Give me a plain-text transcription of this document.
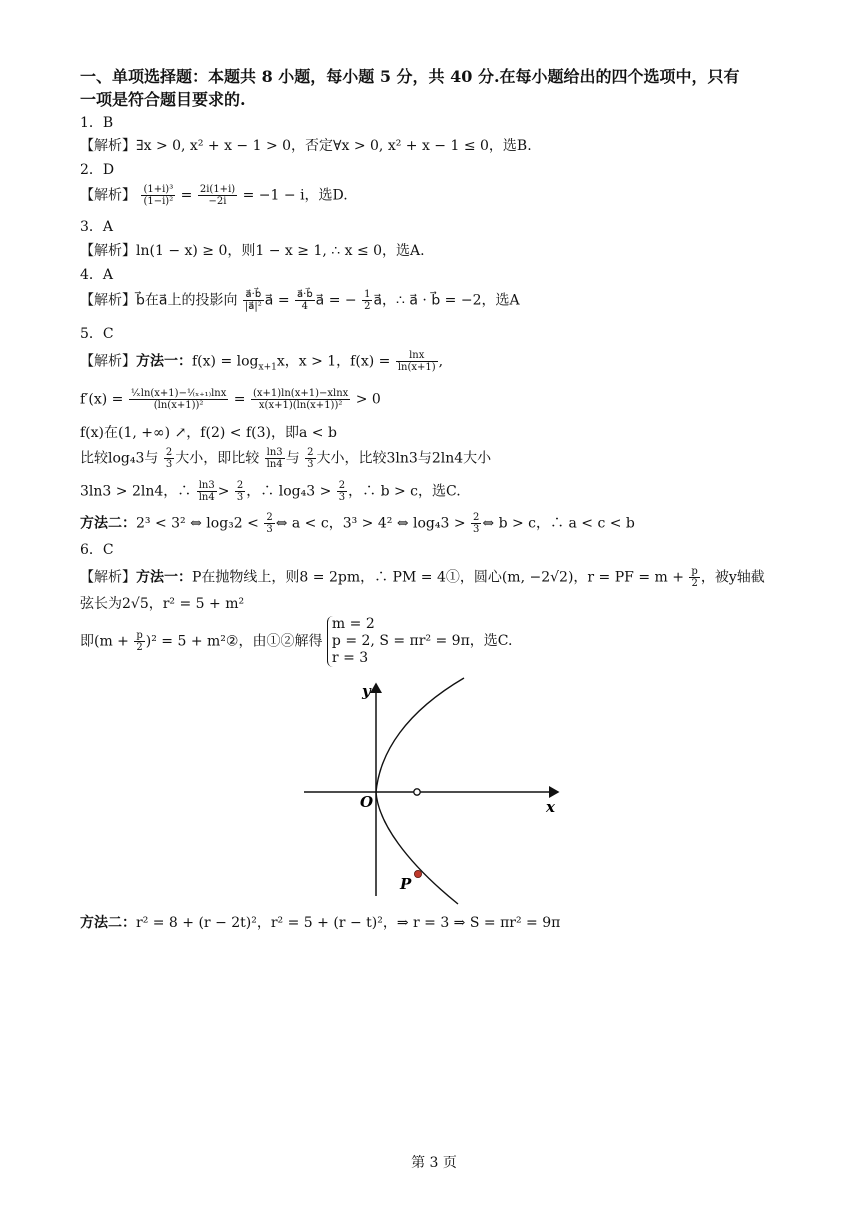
一、单项选择题：本题共 8 小题，每小题 5 分，共 40 分.在每小题给出的四个选项中，只有
一项是符合题目要求的.
1．B
【解析】∃x > 0, x² + x − 1 > 0，否定∀x > 0, x² + x − 1 ≤ 0，选B.
2．D
【解析】 $\frac{\text{(1+i)³}}{\text{(1−i)²}} = \frac{2i(1+i)}{-2i} = -1 - i$，选D.
3．A
【解析】ln(1 − x) ≥ 0，则1 − x ≥ 1, ∴ x ≤ 0，选A.
4．A
【解析】b⃗在a⃗上的投影向 $\frac{a⃗\cdot b⃗}{\text{|a⃗|²}}$ a⃗ = $\frac{a⃗\cdot b⃗}{4}$ a⃗ = − $\frac{1}{2}$ a⃗，∴ a⃗ · b⃗ = −2，选A
5．C
【解析】方法一：$f(x) = \log_{x+1}x$，x > 1，$f(x) = \frac{\ln x}{\ln(x+1)}$ ,
$f'(x) = \frac{\text{¹⁄ₓln(x+1)−¹⁄₍ₓ₊₁₎lnx}}{\text{(ln(x+1))²}} = \frac{(x+1)\ln(x+1)-xlnx}{\text{x(x+1)(ln(x+1))²}} > 0$
f(x)在(1, +∞) ↗，f(2) < f(3)，即a < b
比较log₄3与 $\frac{2}{3}$ 大小，即比较 $\frac{\ln 3}{\ln 4}$ 与 $\frac{2}{3}$ 大小，比较3ln3与2ln4大小
3ln3 > 2ln4，∴ $\frac{\ln 3}{\ln 4} > \frac{2}{3}$ ，∴ $\log_43 > \frac{2}{3}$ ，∴ b > c，选C.
方法二：2³ < 3² ⇔ $\log_32 < \frac{2}{3}$ ⇔ a < c，3³ > 4² ⇔ $\log_43 > \frac{2}{3}$ ⇔ b > c，∴ a < c < b
6．C
【解析】方法一：P在抛物线上，则8 = 2pm，∴ PM = 4①，圆心(m, −2√2)，r = PF = $m + \frac{p}{2}$ ，被y轴截
弦长为2√5，r² = 5 + m²
即$(m + \frac{p}{2} )^2 = 5$ + m²②，由①②解得
m = 2
p = 2, S = πr² = 9π，选C.
r = 3
y
x
O
P
方法二：r² = 8 + (r − 2t)²，r² = 5 + (r − t)²，⇒ r = 3 ⇒ S = πr² = 9π
第 3 页
